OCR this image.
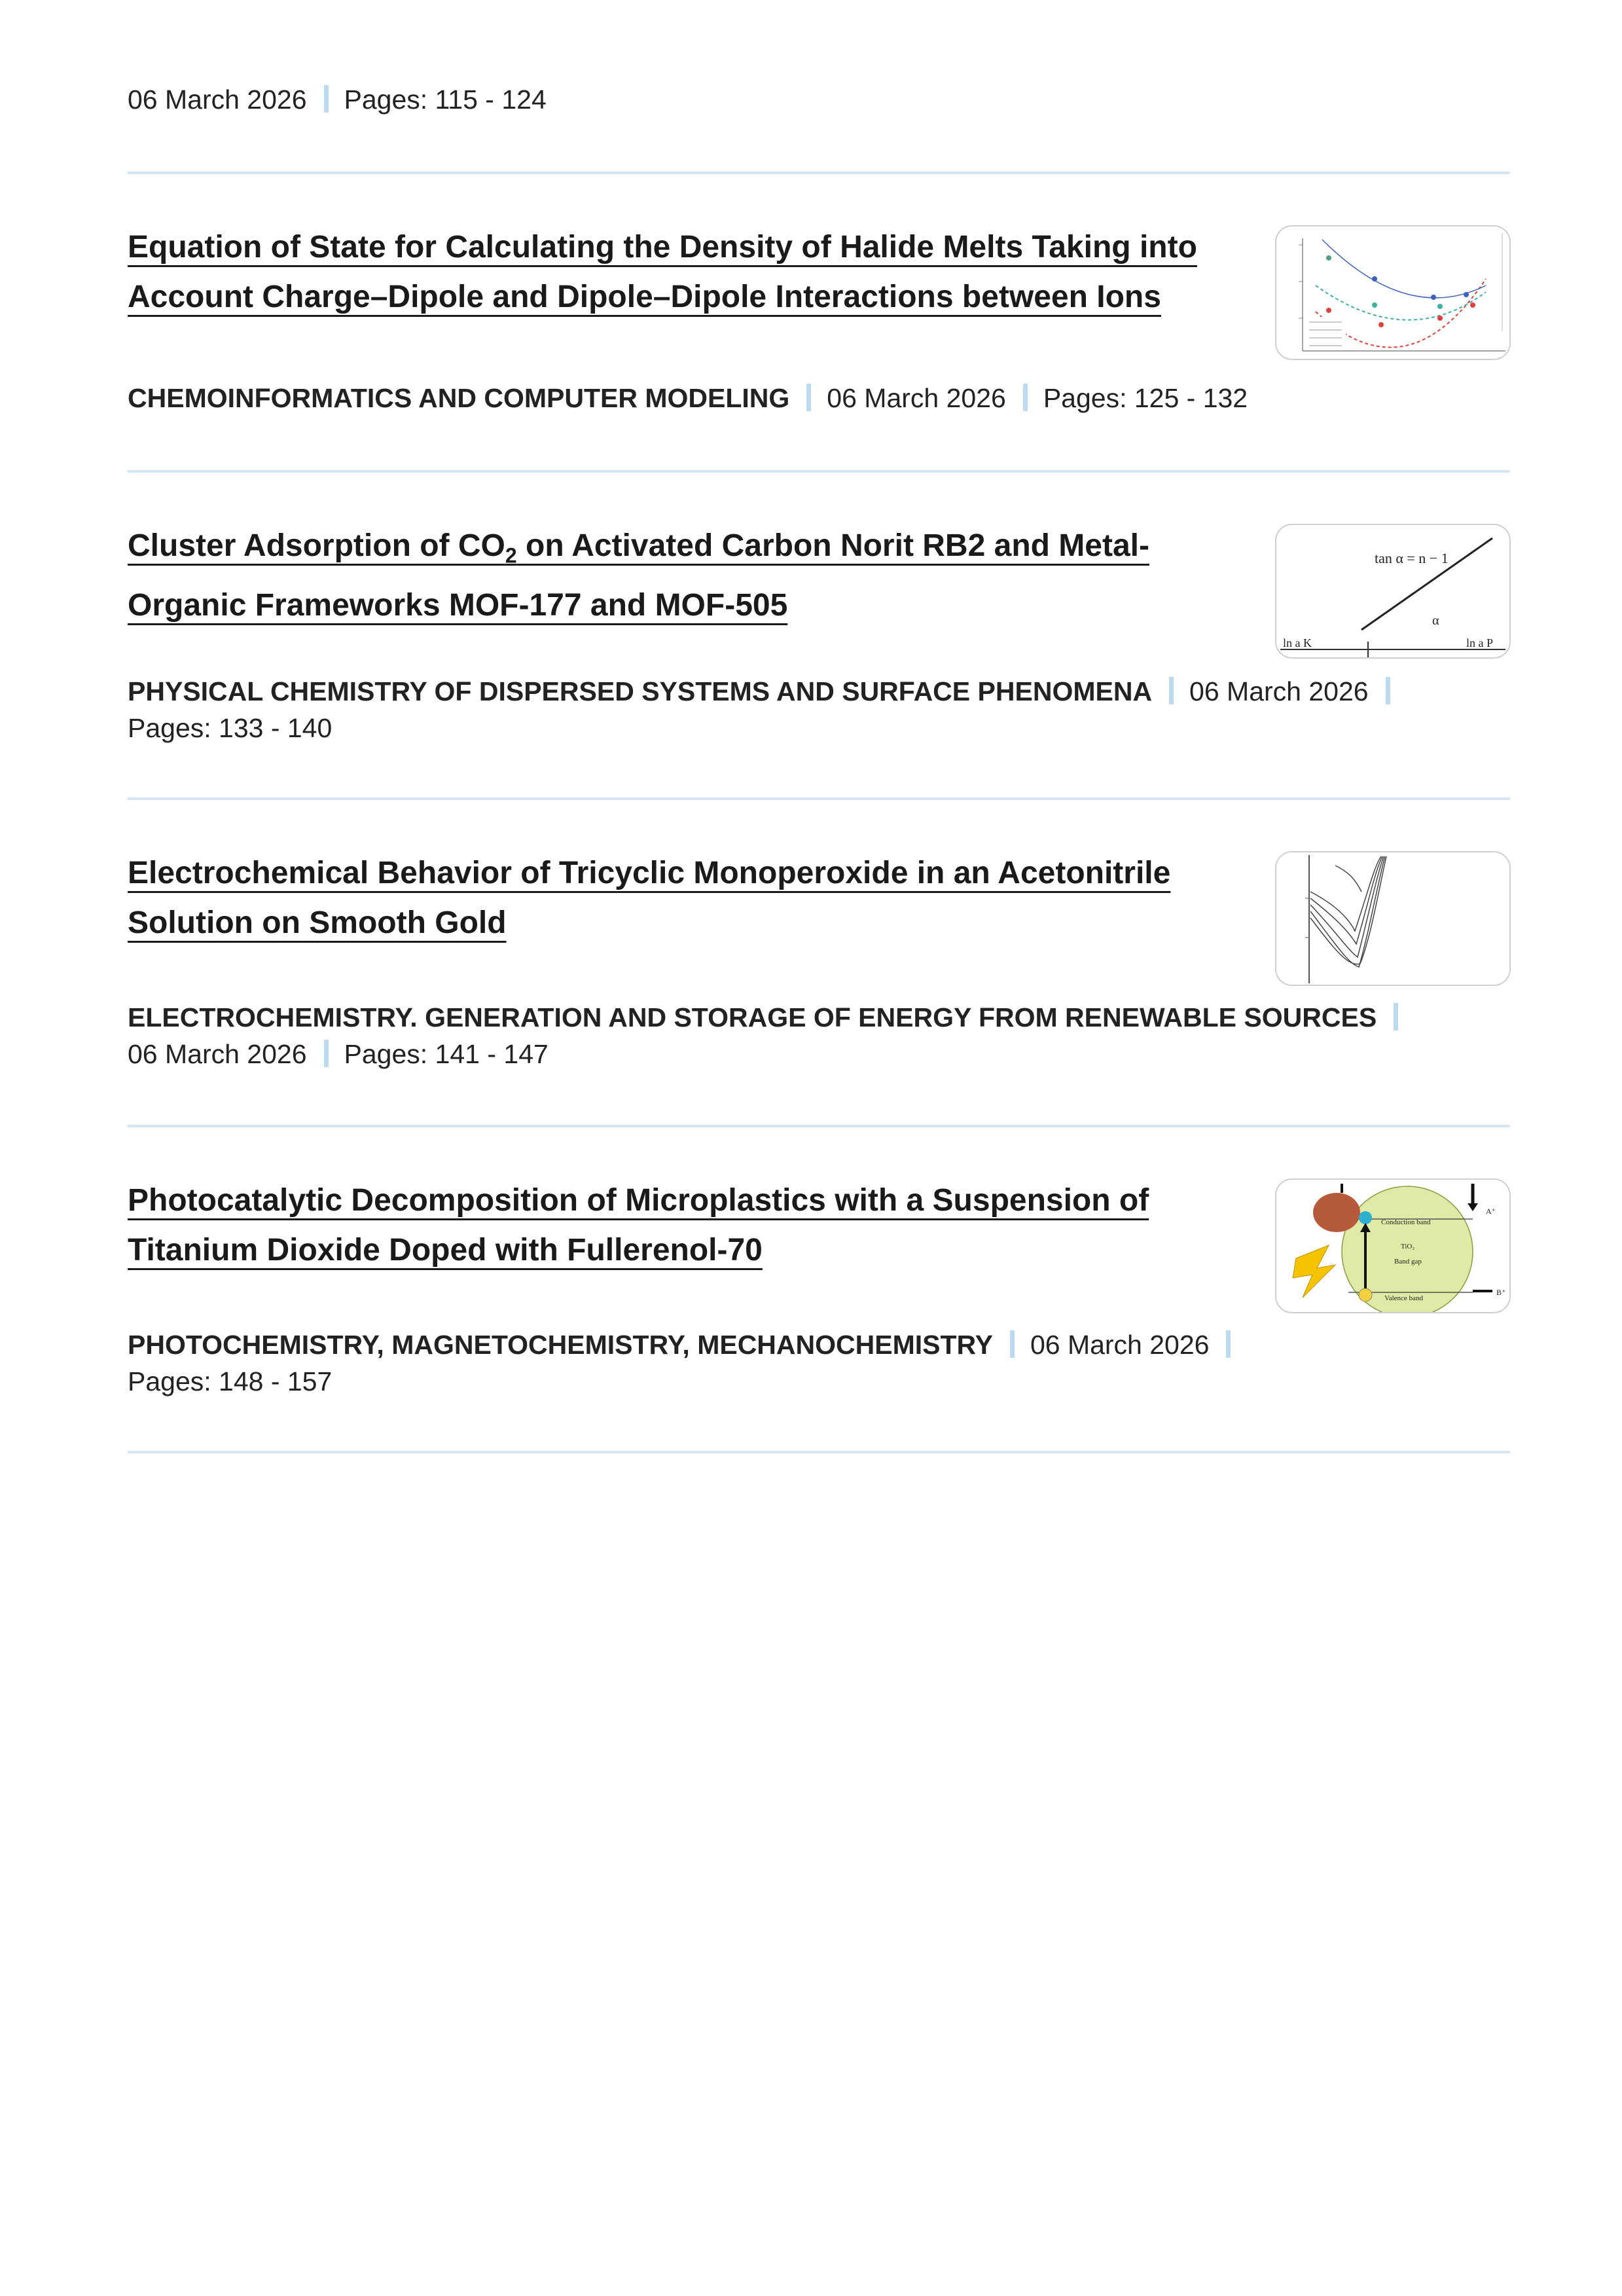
06 March 2026 Pages: 115 - 124
Equation of State for Calculating the Density of Halide Melts Taking into
Account Charge–Dipole and Dipole–Dipole Interactions between Ions
CHEMOINFORMATICS AND COMPUTER MODELING 06 March 2026 Pages: 125 - 132
Cluster Adsorption of $CO_2$ on Activated Carbon Norit RB2 and Metal-
Organic Frameworks MOF-177 and MOF-505
tan α = n − 1
α
ln a K	ln a P
PHYSICAL CHEMISTRY OF DISPERSED SYSTEMS AND SURFACE PHENOMENA 06 March 2026
Pages: 133 - 140
Electrochemical Behavior of Tricyclic Monoperoxide in an Acetonitrile
Solution on Smooth Gold
ELECTROCHEMISTRY. GENERATION AND STORAGE OF ENERGY FROM RENEWABLE SOURCES
06 March 2026 Pages: 141 - 147
Photocatalytic Decomposition of Microplastics with a Suspension of
Titanium Dioxide Doped with Fullerenol-70
Conduction band
TiO₂
Band gap
Valence band
A⁺
B⁺
PHOTOCHEMISTRY, MAGNETOCHEMISTRY, MECHANOCHEMISTRY 06 March 2026
Pages: 148 - 157
